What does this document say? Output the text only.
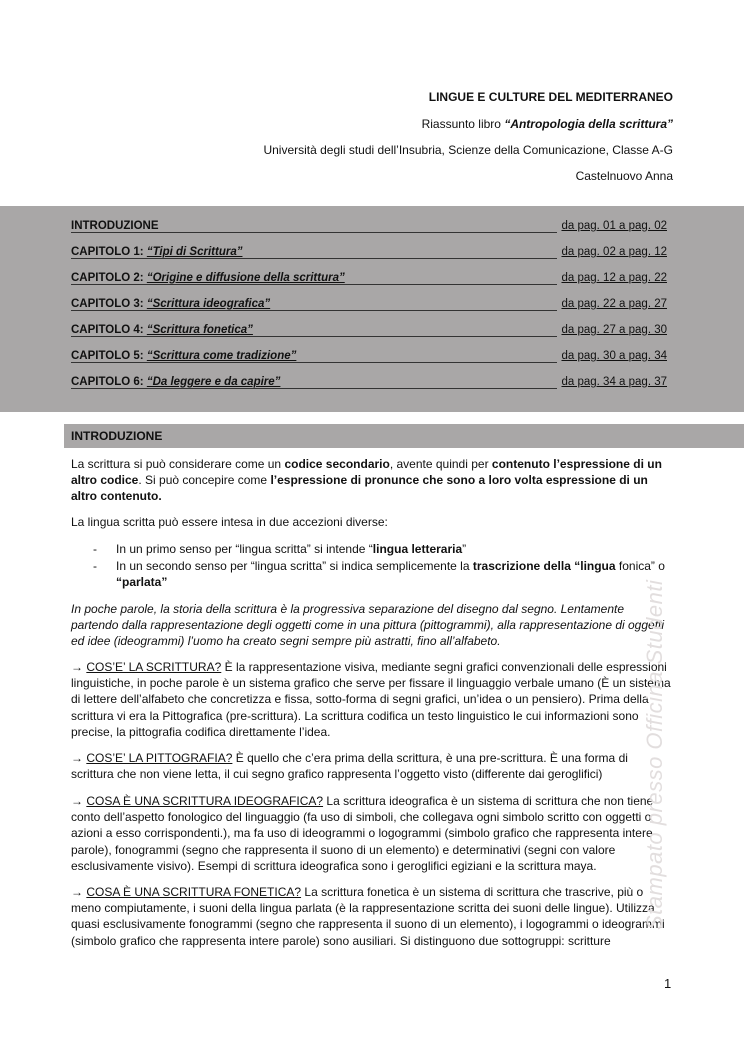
LINGUE E CULTURE DEL MEDITERRANEO
Riassunto libro “Antropologia della scrittura”
Università degli studi dell’Insubria, Scienze della Comunicazione, Classe A-G
Castelnuovo Anna
INTRODUZIONE	da pag. 01 a pag. 02
CAPITOLO 1: “Tipi di Scrittura”	da pag. 02 a pag. 12
CAPITOLO 2: “Origine e diffusione della scrittura”	da pag. 12 a pag. 22
CAPITOLO 3: “Scrittura ideografica”	da pag. 22 a pag. 27
CAPITOLO 4: “Scrittura fonetica”	da pag. 27 a pag. 30
CAPITOLO 5: “Scrittura come tradizione”	da pag. 30 a pag. 34
CAPITOLO 6: “Da leggere e da capire”	da pag. 34 a pag. 37
INTRODUZIONE
La scrittura si può considerare come un codice secondario, avente quindi per contenuto l’espressione di un altro codice. Si può concepire come l’espressione di pronunce che sono a loro volta espressione di un altro contenuto.
La lingua scritta può essere intesa in due accezioni diverse:
- In un primo senso per “lingua scritta” si intende “lingua letteraria”
- In un secondo senso per “lingua scritta” si indica semplicemente la trascrizione della “lingua fonica” o “parlata”
In poche parole, la storia della scrittura è la progressiva separazione del disegno dal segno. Lentamente partendo dalla rappresentazione degli oggetti come in una pittura (pittogrammi), alla rappresentazione di oggetti ed idee (ideogrammi) l’uomo ha creato segni sempre più astratti, fino all’alfabeto.
→ COS’E’ LA SCRITTURA? È la rappresentazione visiva, mediante segni grafici convenzionali delle espressioni linguistiche, in poche parole è un sistema grafico che serve per fissare il linguaggio verbale umano (È un sistema di lettere dell’alfabeto che concretizza e fissa, sotto-forma di segni grafici, un’idea o un pensiero). Prima della scrittura vi era la Pittografica (pre-scrittura). La scrittura codifica un testo linguistico le cui informazioni sono precise, la pittografia codifica direttamente l’idea.
→ COS’E’ LA PITTOGRAFIA? È quello che c’era prima della scrittura, è una pre-scrittura. È una forma di scrittura che non viene letta, il cui segno grafico rappresenta l’oggetto visto (differente dai geroglifici)
→ COSA È UNA SCRITTURA IDEOGRAFICA? La scrittura ideografica è un sistema di scrittura che non tiene conto dell’aspetto fonologico del linguaggio (fa uso di simboli, che collegava ogni simbolo scritto con oggetti o azioni a esso corrispondenti.), ma fa uso di ideogrammi o logogrammi (simbolo grafico che rappresenta intere parole), fonogrammi (segno che rappresenta il suono di un elemento) e determinativi (segni con valore esclusivamente visivo). Esempi di scrittura ideografica sono i geroglifici egiziani e la scrittura maya.
→ COSA È UNA SCRITTURA FONETICA? La scrittura fonetica è un sistema di scrittura che trascrive, più o meno compiutamente, i suoni della lingua parlata (è la rappresentazione scritta dei suoni delle lingue). Utilizza quasi esclusivamente fonogrammi (segno che rappresenta il suono di un elemento), i logogrammi o ideogrammi (simbolo grafico che rappresenta intere parole) sono ausiliari. Si distinguono due sottogruppi: scritture
Stampato presso Officina Studenti
1
